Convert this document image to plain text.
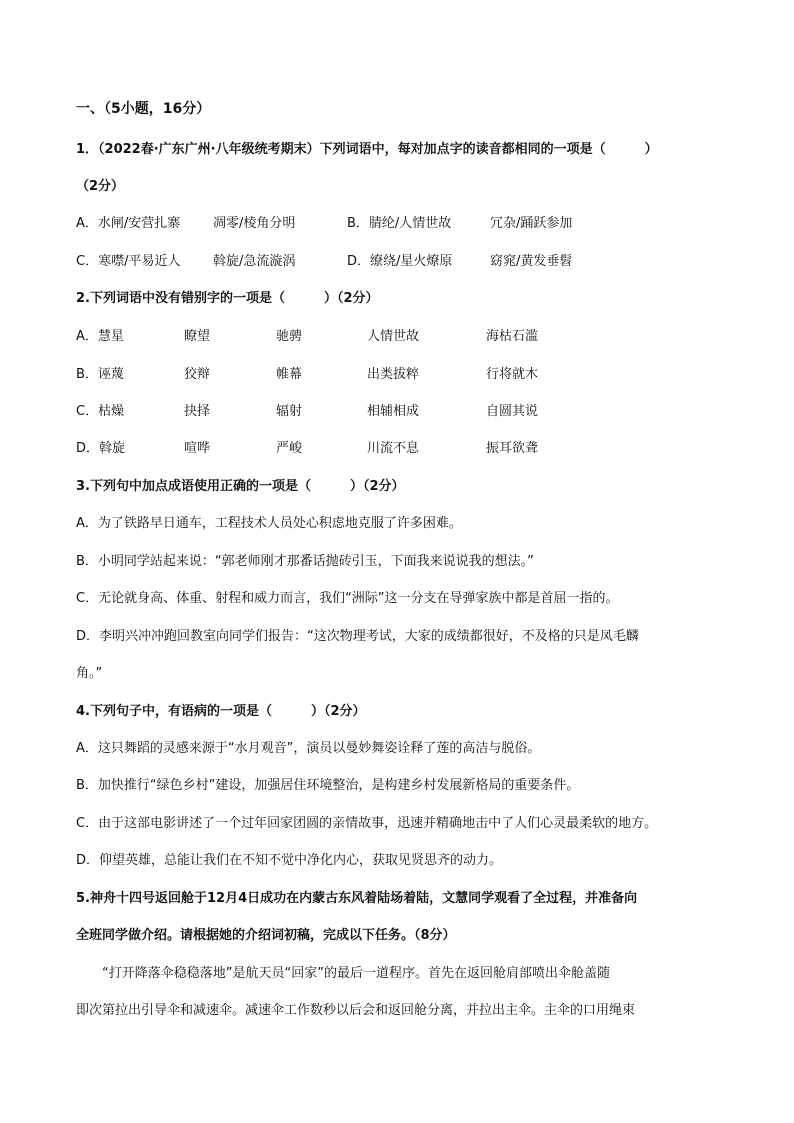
一、（5小题，16分）
1．（2022春·广东广州·八年级统考期末）下列词语中，每对加点字的读音都相同的一项是（　　　）
（2分）
A．水闸/安营扎寨	凋零/棱角分明	B．腈纶/人情世故	冗杂/踊跃参加
C．寒噤/平易近人	斡旋/急流漩涡	D．缭绕/星火燎原	窈窕/黄发垂髫
2.下列词语中没有错别字的一项是（　　　）（2分）
A．慧星	瞭望	驰骋	人情世故	海枯石滥
B．诬蔑	狡辩	帷幕	出类拔粹	行将就木
C．枯燥	抉择	辐射	相辅相成	自圆其说
D．斡旋	喧哗	严峻	川流不息	振耳欲聋
3.下列句中加点成语使用正确的一项是（　　　）（2分）
A．为了铁路早日通车，工程技术人员处心积虑地克服了许多困难。
B．小明同学站起来说：“郭老师刚才那番话抛砖引玉，下面我来说说我的想法。”
C．无论就身高、体重、射程和威力而言，我们“洲际”这一分支在导弹家族中都是首屈一指的。
D．李明兴冲冲跑回教室向同学们报告：“这次物理考试，大家的成绩都很好，不及格的只是凤毛麟
角。”
4.下列句子中，有语病的一项是（　　　）（2分）
A．这只舞蹈的灵感来源于“水月观音”，演员以曼妙舞姿诠释了莲的高洁与脱俗。
B．加快推行“绿色乡村”建设，加强居住环境整治，是构建乡村发展新格局的重要条件。
C．由于这部电影讲述了一个过年回家团圆的亲情故事，迅速并精确地击中了人们心灵最柔软的地方。
D．仰望英雄，总能让我们在不知不觉中净化内心，获取见贤思齐的动力。
5.神舟十四号返回舱于12月4日成功在内蒙古东风着陆场着陆，文慧同学观看了全过程，并准备向
全班同学做介绍。请根据她的介绍词初稿，完成以下任务。（8分）
“打开降落伞稳稳落地”是航天员“回家”的最后一道程序。首先在返回舱肩部喷出伞舱盖随
即次第拉出引导伞和减速伞。减速伞工作数秒以后会和返回舱分离，并拉出主伞。主伞的口用绳束
